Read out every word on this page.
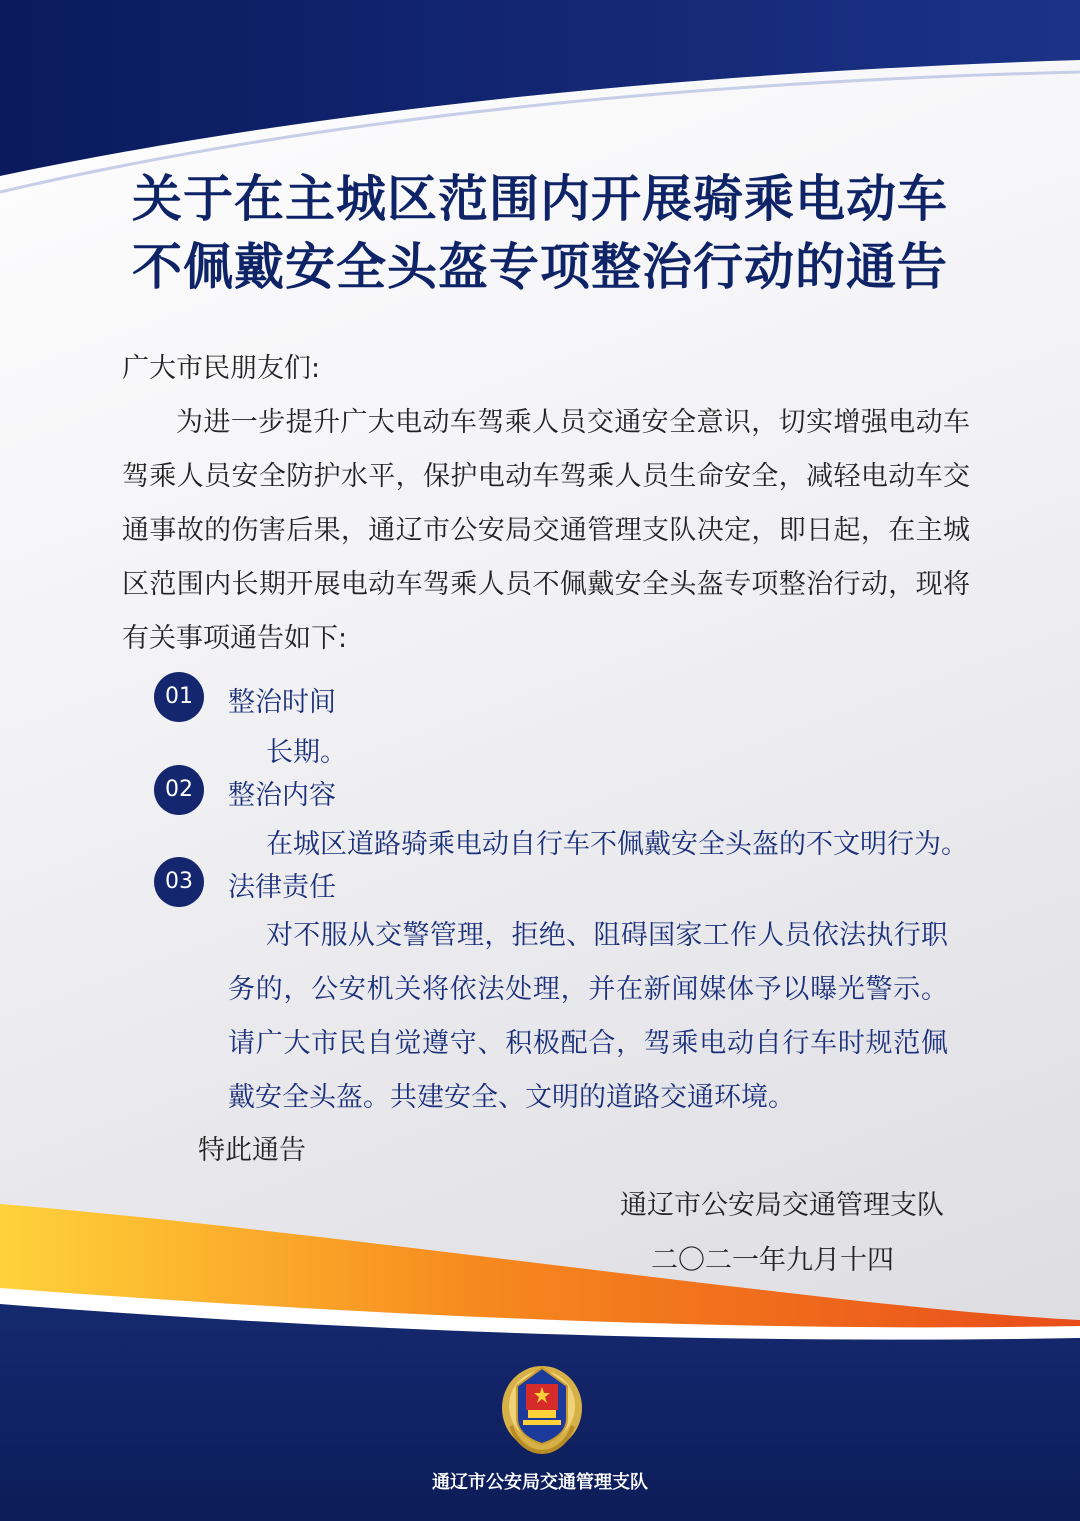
关于在主城区范围内开展骑乘电动车
不佩戴安全头盔专项整治行动的通告
广大市民朋友们:

为进一步提升广大电动车驾乘人员交通安全意识，切实增强电动车驾乘人员安全防护水平，保护电动车驾乘人员生命安全，减轻电动车交通事故的伤害后果，通辽市公安局交通管理支队决定，即日起，在主城区范围内长期开展电动车驾乘人员不佩戴安全头盔专项整治行动，现将有关事项通告如下:

01	整治时间
长期。
02	整治内容
在城区道路骑乘电动自行车不佩戴安全头盔的不文明行为。
03	法律责任

对不服从交警管理，拒绝、阻碍国家工作人员依法执行职务的，公安机关将依法处理，并在新闻媒体予以曝光警示。请广大市民自觉遵守、积极配合，驾乘电动自行车时规范佩戴安全头盔。共建安全、文明的道路交通环境。

特此通告
通辽市公安局交通管理支队
二〇二一年九月十四
通辽市公安局交通管理支队
